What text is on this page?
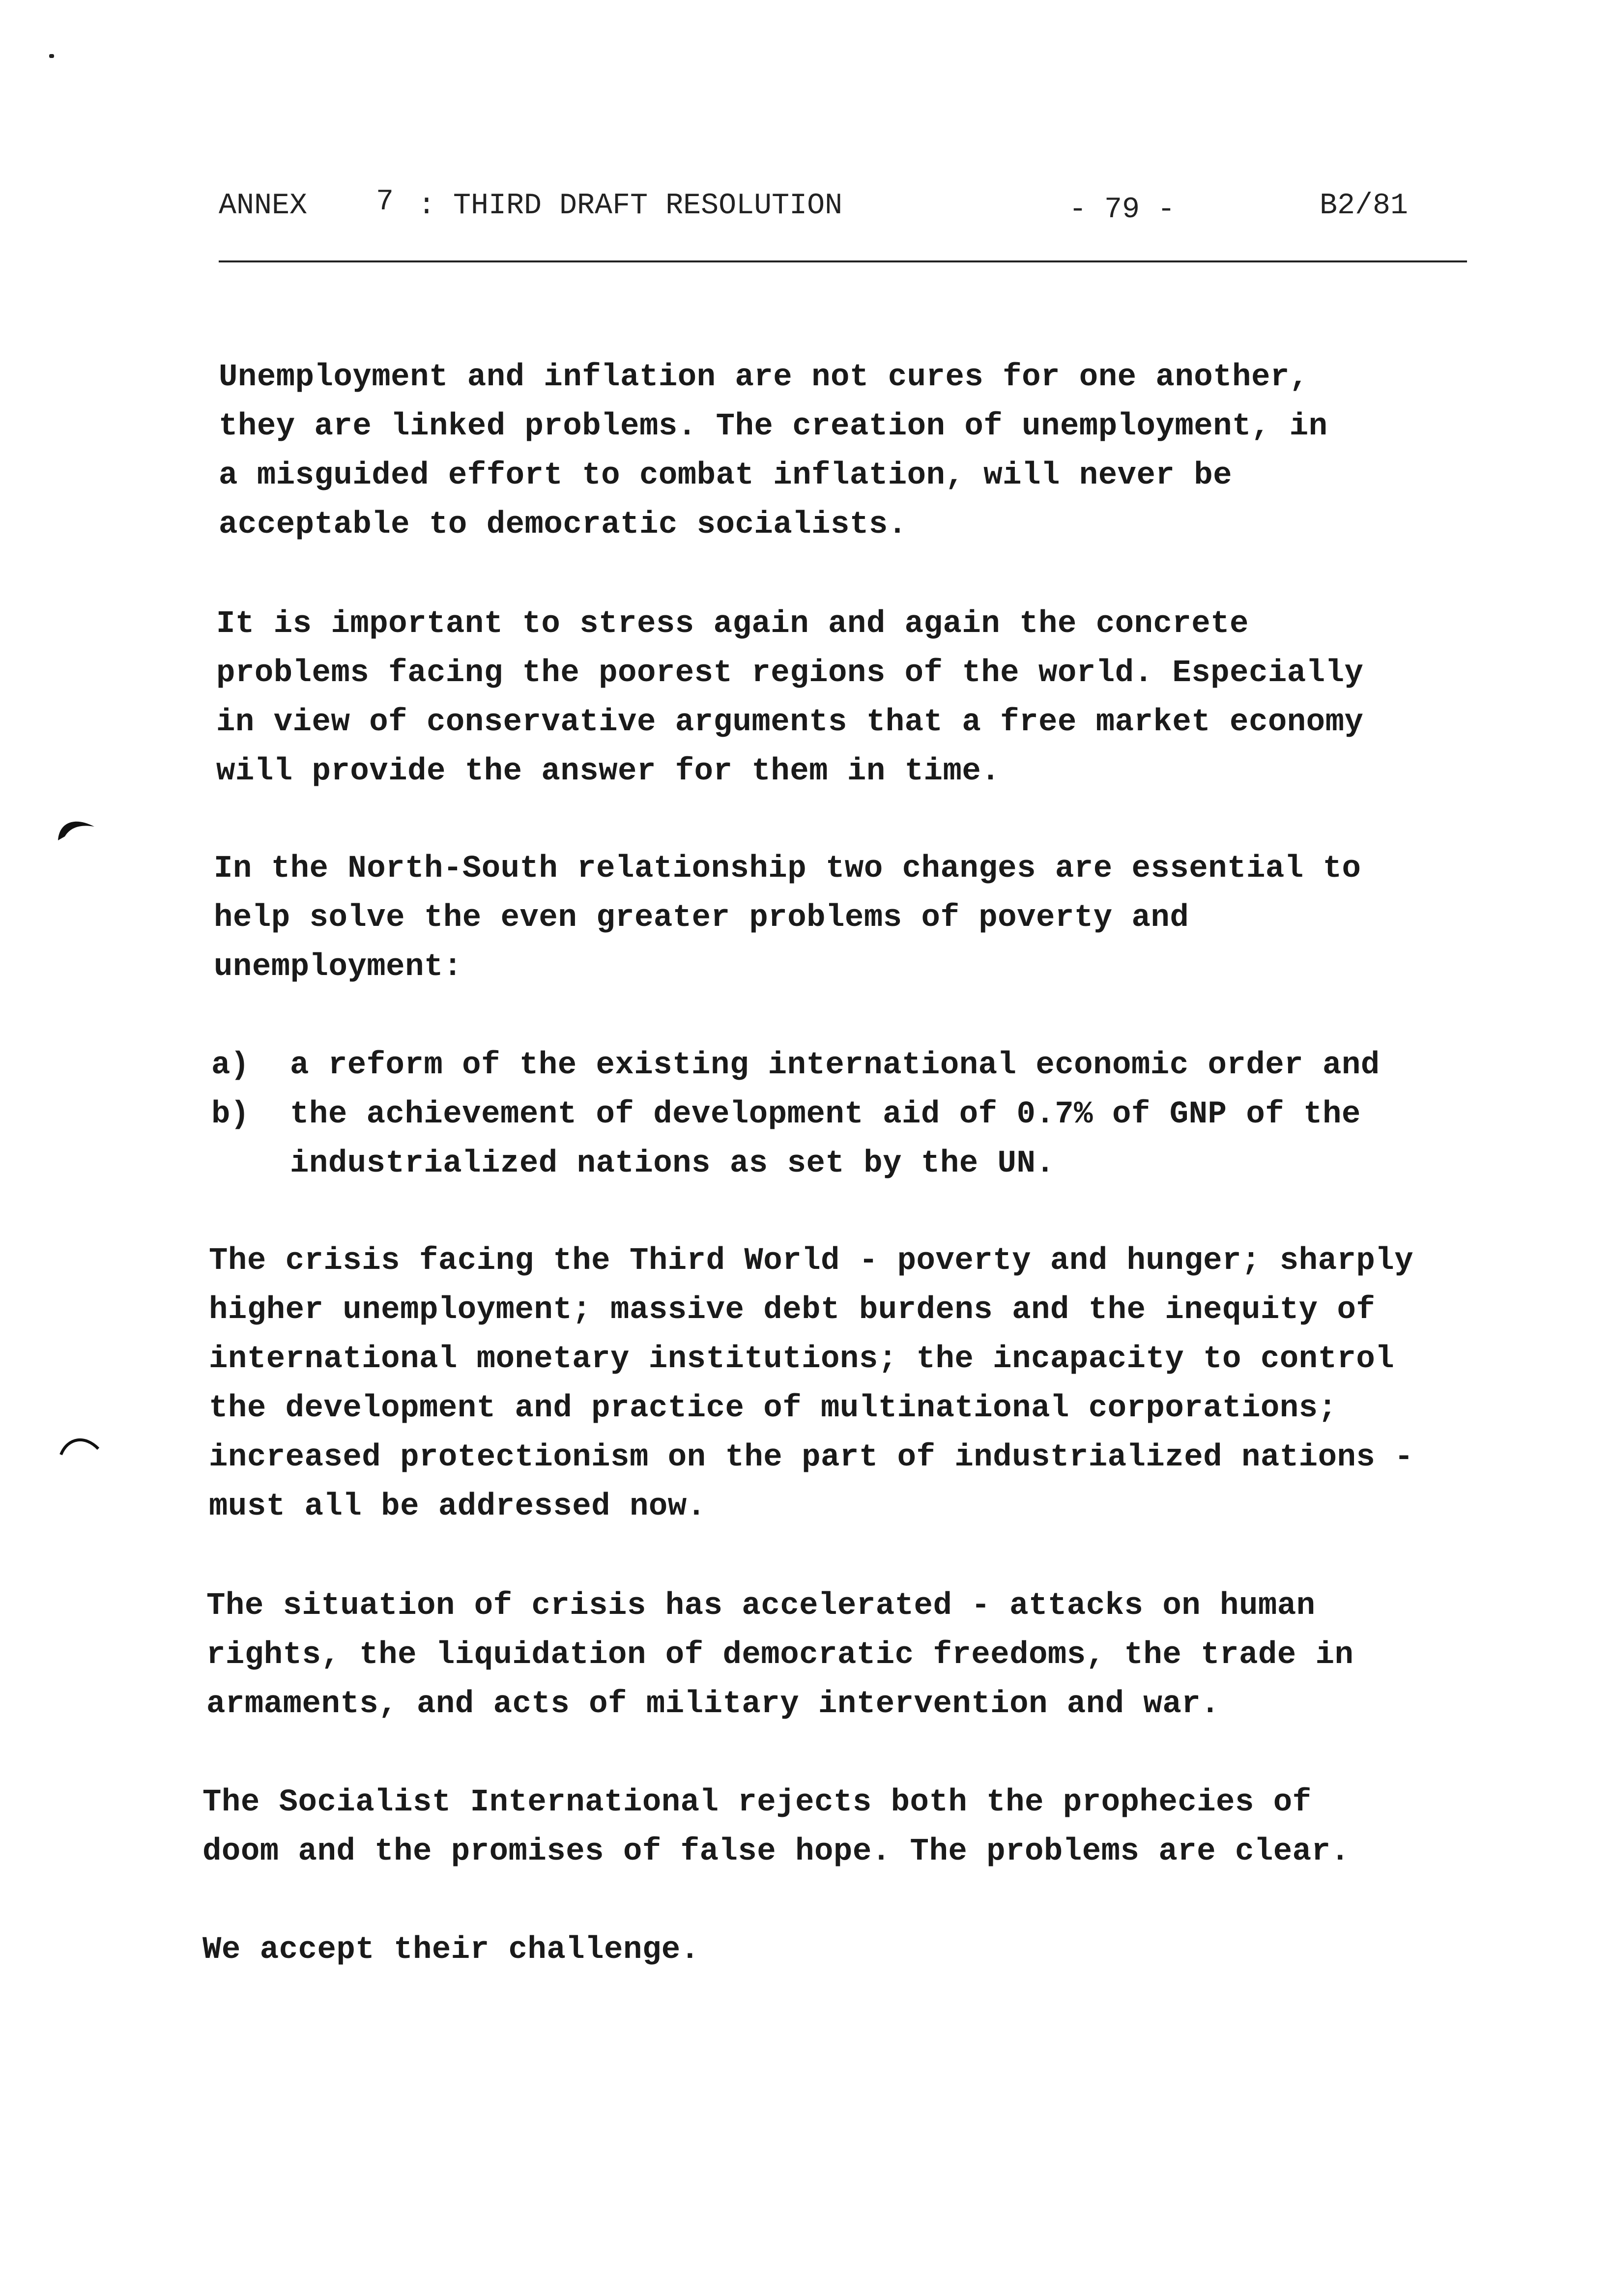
ANNEX 7 : THIRD DRAFT RESOLUTION	- 79 -	B2/81

Unemployment and inflation are not cures for one another,
they are linked problems. The creation of unemployment, in
a misguided effort to combat inflation, will never be
acceptable to democratic socialists.

It is important to stress again and again the concrete
problems facing the poorest regions of the world. Especially
in view of conservative arguments that a free market economy
will provide the answer for them in time.

In the North-South relationship two changes are essential to
help solve the even greater problems of poverty and
unemployment:

a) a reform of the existing international economic order and
b) the achievement of development aid of 0.7% of GNP of the
industrialized nations as set by the UN.

The crisis facing the Third World - poverty and hunger; sharply
higher unemployment; massive debt burdens and the inequity of
international monetary institutions; the incapacity to control
the development and practice of multinational corporations;
increased protectionism on the part of industrialized nations -
must all be addressed now.

The situation of crisis has accelerated - attacks on human
rights, the liquidation of democratic freedoms, the trade in
armaments, and acts of military intervention and war.

The Socialist International rejects both the prophecies of
doom and the promises of false hope. The problems are clear.

We accept their challenge.
